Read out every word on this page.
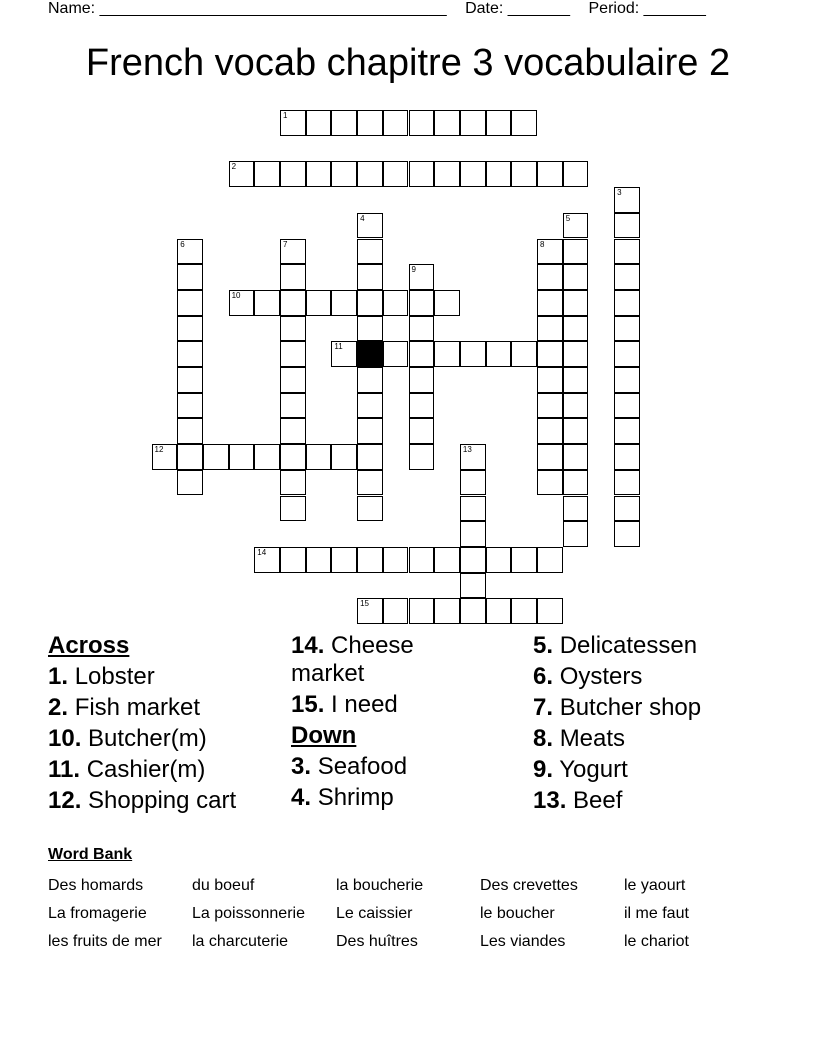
Name: _______________________________________ Date: _______ Period: _______
French vocab chapitre 3 vocabulaire 2
1
2
3
4	5
6	7	8
9
10
11
12	13
14
15
Across
1. Lobster
2. Fish market
10. Butcher(m)
11. Cashier(m)
12. Shopping cart
14. Cheese market
15. I need
Down
3. Seafood
4. Shrimp
5. Delicatessen
6. Oysters
7. Butcher shop
8. Meats
9. Yogurt
13. Beef
Word Bank
Des homards	du boeuf	la boucherie	Des crevettes	le yaourt
La fromagerie	La poissonnerie	Le caissier	le boucher	il me faut
les fruits de mer	la charcuterie	Des huîtres	Les viandes	le chariot
